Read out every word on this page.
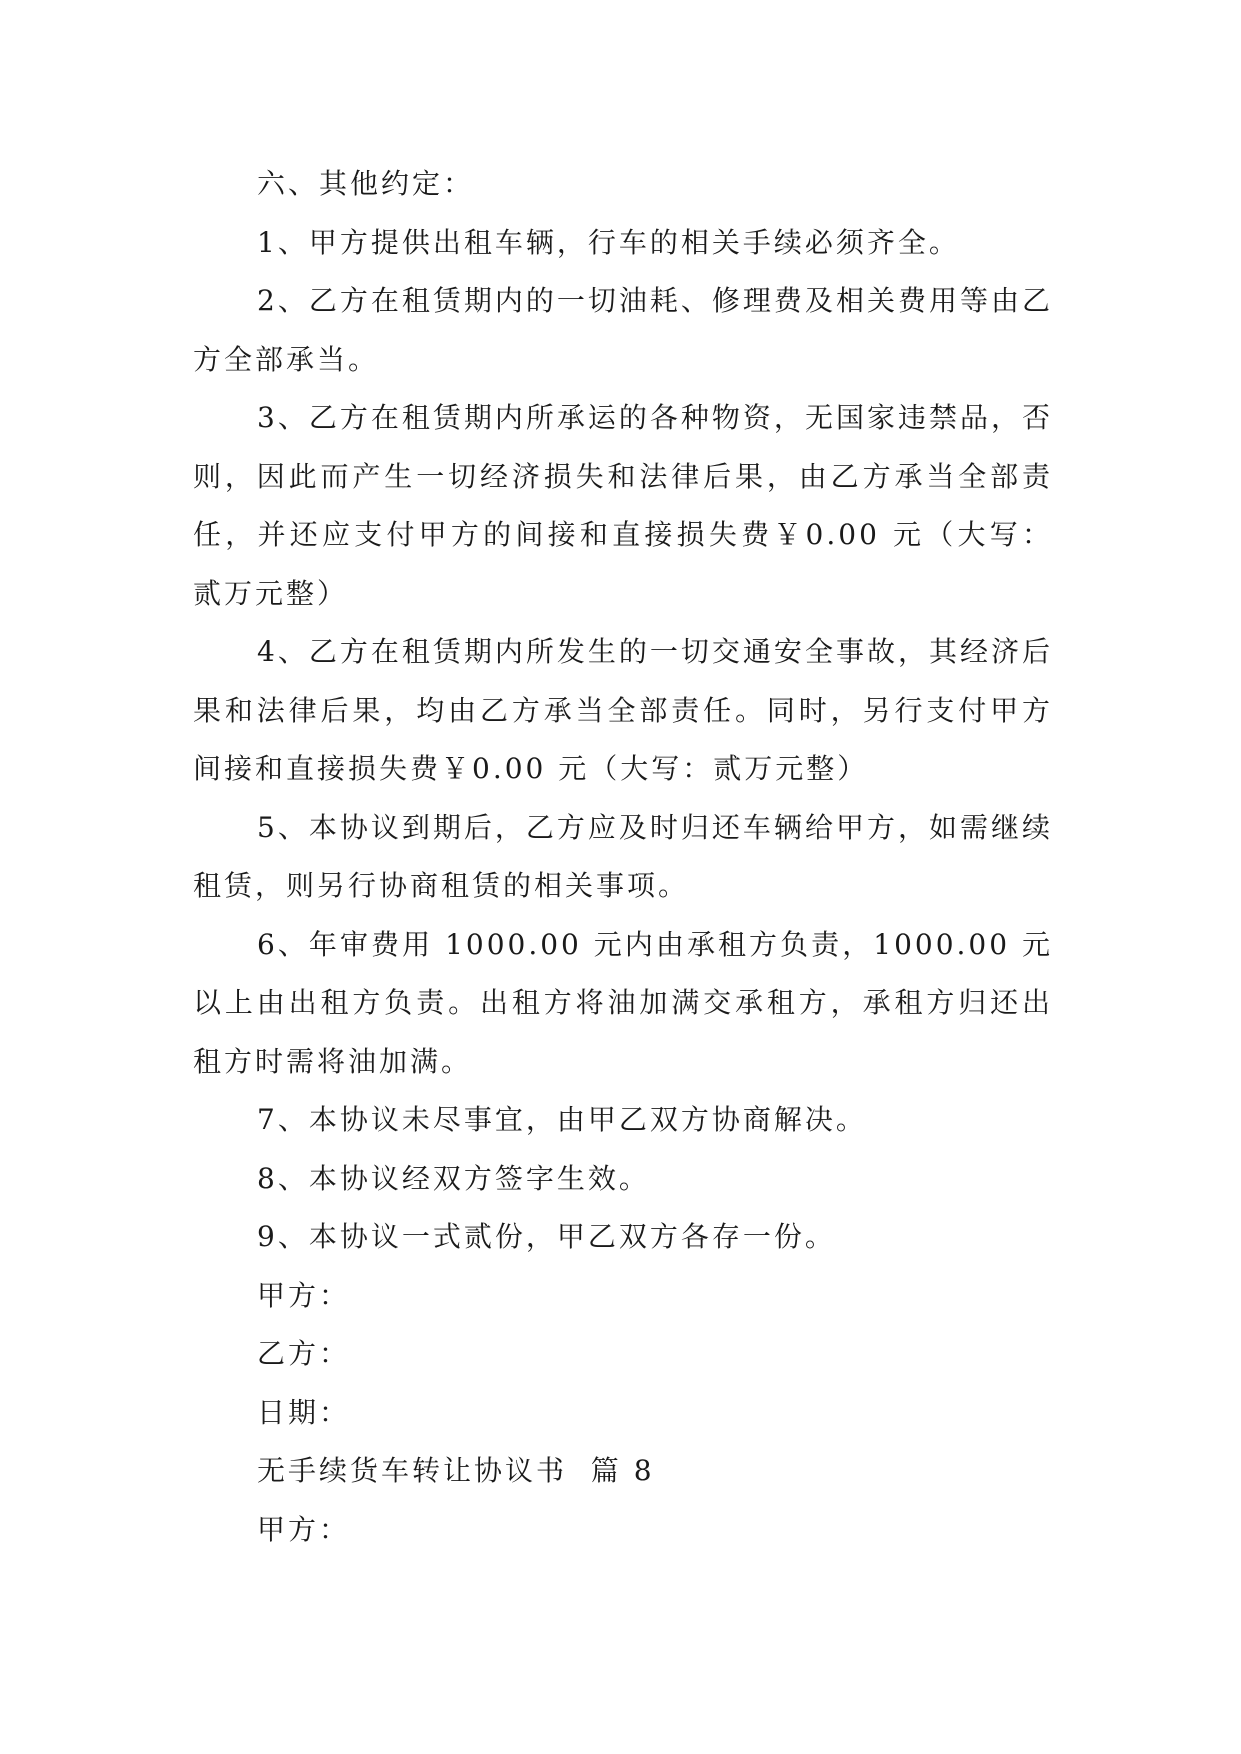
六、其他约定：

1、甲方提供出租车辆，行车的相关手续必须齐全。

2、乙方在租赁期内的一切油耗、修理费及相关费用等由乙方全部承当。

3、乙方在租赁期内所承运的各种物资，无国家违禁品，否则，因此而产生一切经济损失和法律后果，由乙方承当全部责任，并还应支付甲方的间接和直接损失费￥0.00 元（大写：贰万元整）

4、乙方在租赁期内所发生的一切交通安全事故，其经济后果和法律后果，均由乙方承当全部责任。同时，另行支付甲方间接和直接损失费￥0.00 元（大写：贰万元整）

5、本协议到期后，乙方应及时归还车辆给甲方，如需继续租赁，则另行协商租赁的相关事项。

6、年审费用 1000.00 元内由承租方负责，1000.00 元以上由出租方负责。出租方将油加满交承租方，承租方归还出租方时需将油加满。

7、本协议未尽事宜，由甲乙双方协商解决。

8、本协议经双方签字生效。

9、本协议一式贰份，甲乙双方各存一份。

甲方：

乙方：

日期：

无手续货车转让协议书  篇 8

甲方：
